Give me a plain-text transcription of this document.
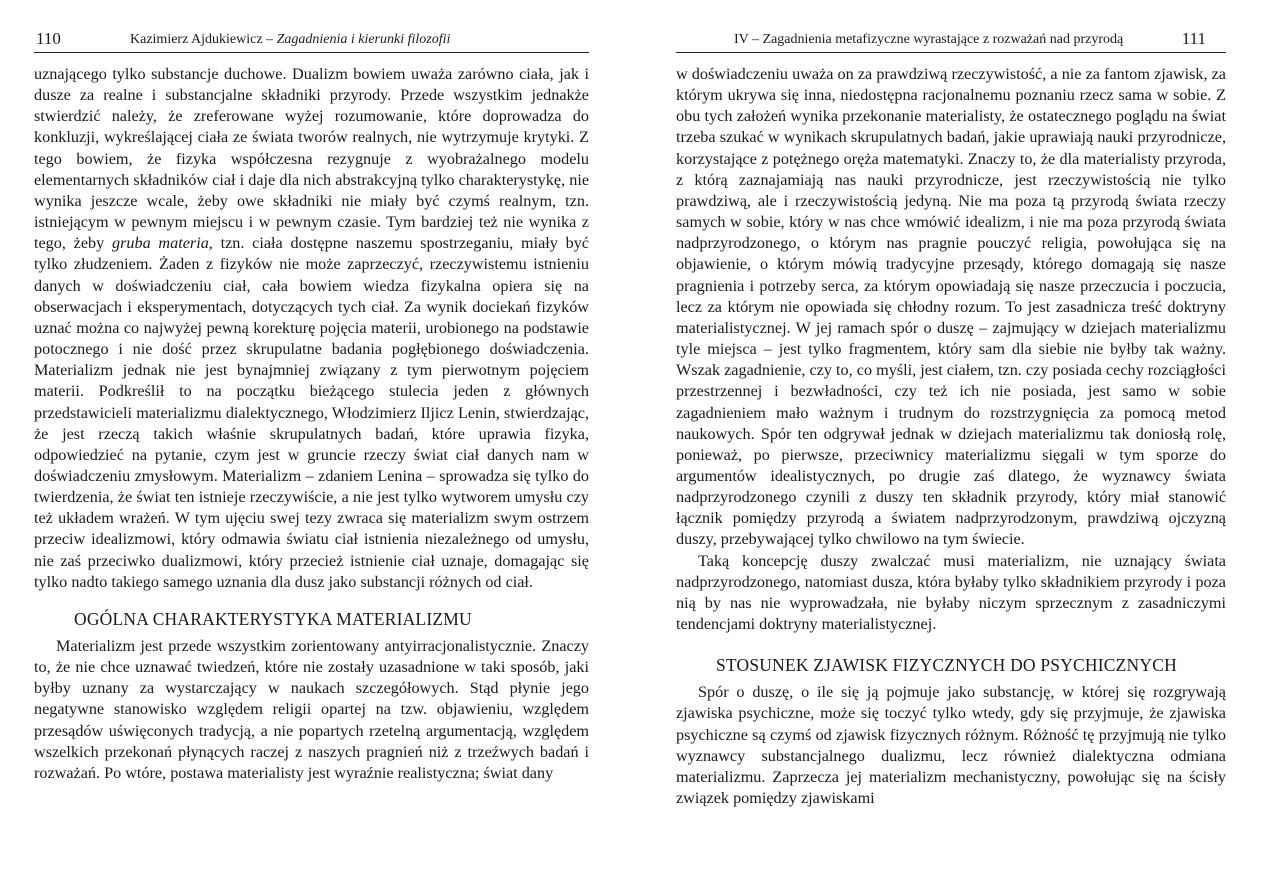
110	Kazimierz Ajdukiewicz – Zagadnienia i kierunki filozofii

uznającego tylko substancje duchowe. Dualizm bowiem uważa zarówno ciała, jak i dusze za realne i substancjalne składniki przyrody. Przede wszystkim jednakże stwierdzić należy, że zreferowane wyżej rozumowanie, które doprowadza do konkluzji, wykreślającej ciała ze świata tworów realnych, nie wytrzymuje krytyki. Z tego bowiem, że fizyka współczesna rezygnuje z wyobrażalnego modelu elementarnych składników ciał i daje dla nich abstrakcyjną tylko charakterystykę, nie wynika jeszcze wcale, żeby owe składniki nie miały być czymś realnym, tzn. istniejącym w pewnym miejscu i w pewnym czasie. Tym bardziej też nie wynika z tego, żeby gruba materia, tzn. ciała dostępne naszemu spostrzeganiu, miały być tylko złudzeniem. Żaden z fizyków nie może zaprzeczyć, rzeczywistemu istnieniu danych w doświadczeniu ciał, cała bowiem wiedza fizykalna opiera się na obserwacjach i eksperymentach, dotyczących tych ciał. Za wynik dociekań fizyków uznać można co najwyżej pewną korekturę pojęcia materii, urobionego na podstawie potocznego i nie dość przez skrupulatne badania pogłębionego doświadczenia. Materializm jednak nie jest bynajmniej związany z tym pierwotnym pojęciem materii. Podkreślił to na początku bieżącego stulecia jeden z głównych przedstawicieli materializmu dialektycznego, Włodzimierz Iljicz Lenin, stwierdzając, że jest rzeczą takich właśnie skrupulatnych badań, które uprawia fizyka, odpowiedzieć na pytanie, czym jest w gruncie rzeczy świat ciał danych nam w doświadczeniu zmysłowym. Materializm – zdaniem Lenina – sprowadza się tylko do twierdzenia, że świat ten istnieje rzeczywiście, a nie jest tylko wytworem umysłu czy też układem wrażeń. W tym ujęciu swej tezy zwraca się materializm swym ostrzem przeciw idealizmowi, który odmawia światu ciał istnienia niezależnego od umysłu, nie zaś przeciwko dualizmowi, który przecież istnienie ciał uznaje, domagając się tylko nadto takiego samego uznania dla dusz jako substancji różnych od ciał.

OGÓLNA CHARAKTERYSTYKA MATERIALIZMU

Materializm jest przede wszystkim zorientowany antyirracjonalistycznie. Znaczy to, że nie chce uznawać twiedzeń, które nie zostały uzasadnione w taki sposób, jaki byłby uznany za wystarczający w naukach szczegółowych. Stąd płynie jego negatywne stanowisko względem religii opartej na tzw. objawieniu, względem przesądów uświęconych tradycją, a nie popartych rzetelną argumentacją, względem wszelkich przekonań płynących raczej z naszych pragnień niż z trzeźwych badań i rozważań. Po wtóre, postawa materialisty jest wyraźnie realistyczna; świat dany

IV – Zagadnienia metafizyczne wyrastające z rozważań nad przyrodą	111

w doświadczeniu uważa on za prawdziwą rzeczywistość, a nie za fantom zjawisk, za którym ukrywa się inna, niedostępna racjonalnemu poznaniu rzecz sama w sobie. Z obu tych założeń wynika przekonanie materialisty, że ostatecznego poglądu na świat trzeba szukać w wynikach skrupulatnych badań, jakie uprawiają nauki przyrodnicze, korzystające z potężnego oręża matematyki. Znaczy to, że dla materialisty przyroda, z którą zaznajamiają nas nauki przyrodnicze, jest rzeczywistością nie tylko prawdziwą, ale i rzeczywistością jedyną. Nie ma poza tą przyrodą świata rzeczy samych w sobie, który w nas chce wmówić idealizm, i nie ma poza przyrodą świata nadprzyrodzonego, o którym nas pragnie pouczyć religia, powołująca się na objawienie, o którym mówią tradycyjne przesądy, którego domagają się nasze pragnienia i potrzeby serca, za którym opowiadają się nasze przeczucia i poczucia, lecz za którym nie opowiada się chłodny rozum. To jest zasadnicza treść doktryny materialistycznej. W jej ramach spór o duszę – zajmujący w dziejach materializmu tyle miejsca – jest tylko fragmentem, który sam dla siebie nie byłby tak ważny. Wszak zagadnienie, czy to, co myśli, jest ciałem, tzn. czy posiada cechy rozciągłości przestrzennej i bezwładności, czy też ich nie posiada, jest samo w sobie zagadnieniem mało ważnym i trudnym do rozstrzygnięcia za pomocą metod naukowych. Spór ten odgrywał jednak w dziejach materializmu tak doniosłą rolę, ponieważ, po pierwsze, przeciwnicy materializmu sięgali w tym sporze do argumentów idealistycznych, po drugie zaś dlatego, że wyznawcy świata nadprzyrodzonego czynili z duszy ten składnik przyrody, który miał stanowić łącznik pomiędzy przyrodą a światem nadprzyrodzonym, prawdziwą ojczyzną duszy, przebywającej tylko chwilowo na tym świecie.

Taką koncepcję duszy zwalczać musi materializm, nie uznający świata nadprzyrodzonego, natomiast dusza, która byłaby tylko składnikiem przyrody i poza nią by nas nie wyprowadzała, nie byłaby niczym sprzecznym z zasadniczymi tendencjami doktryny materialistycznej.

STOSUNEK ZJAWISK FIZYCZNYCH DO PSYCHICZNYCH

Spór o duszę, o ile się ją pojmuje jako substancję, w której się rozgrywają zjawiska psychiczne, może się toczyć tylko wtedy, gdy się przyjmuje, że zjawiska psychiczne są czymś od zjawisk fizycznych różnym. Różność tę przyjmują nie tylko wyznawcy substancjalnego dualizmu, lecz również dialektyczna odmiana materializmu. Zaprzecza jej materializm mechanistyczny, powołując się na ścisły związek pomiędzy zjawiskami
